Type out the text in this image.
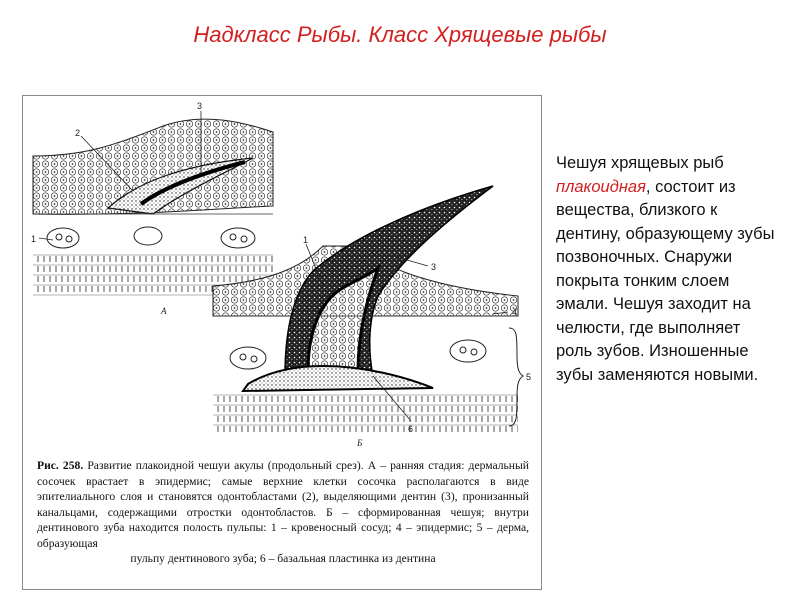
Надкласс Рыбы. Класс Хрящевые рыбы
1
2
3
А
1
3
4
5
6
Б
Рис. 258. Развитие плакоидной чешуи акулы (продольный срез). А – ранняя стадия: дермальный сосочек врастает в эпидермис; самые верхние клетки сосочка располагаются в виде эпителиального слоя и становятся одонтобластами (2), выделяющими дентин (3), пронизанный канальцами, содержащими отростки одонтобластов. Б – сформированная чешуя; внутри дентинового зуба находится полость пульпы: 1 – кровеносный сосуд; 4 – эпидермис; 5 – дерма, образующая
пульпу дентинового зуба; 6 – базальная пластинка из дентина
Чешуя хрящевых рыб
плакоидная, состоит из вещества, близкого к дентину, образующему зубы позвоночных. Снаружи покрыта тонким слоем эмали. Чешуя заходит на челюсти, где выполняет роль зубов. Изношенные зубы заменяются новыми.
